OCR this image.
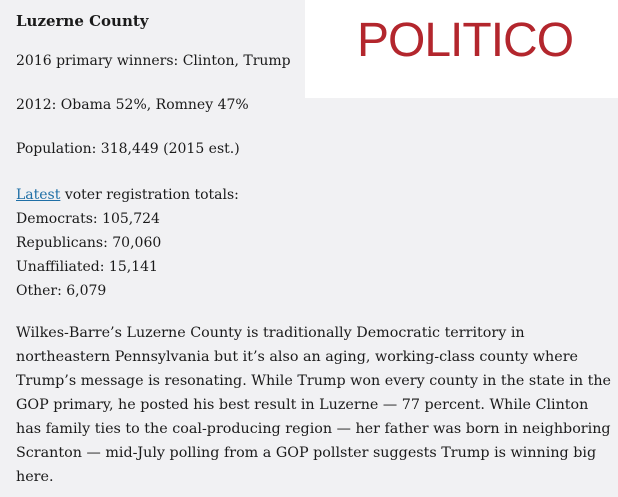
POLITICO

Luzerne County

2016 primary winners: Clinton, Trump

2012: Obama 52%, Romney 47%

Population: 318,449 (2015 est.)

Latest voter registration totals:

Democrats: 105,724

Republicans: 70,060

Unaffiliated: 15,141

Other: 6,079

Wilkes-Barre’s Luzerne County is traditionally Democratic territory in northeastern Pennsylvania but it’s also an aging, working-class county where Trump’s message is resonating. While Trump won every county in the state in the GOP primary, he posted his best result in Luzerne — 77 percent. While Clinton has family ties to the coal-producing region — her father was born in neighboring Scranton — mid-July polling from a GOP pollster suggests Trump is winning big here.
